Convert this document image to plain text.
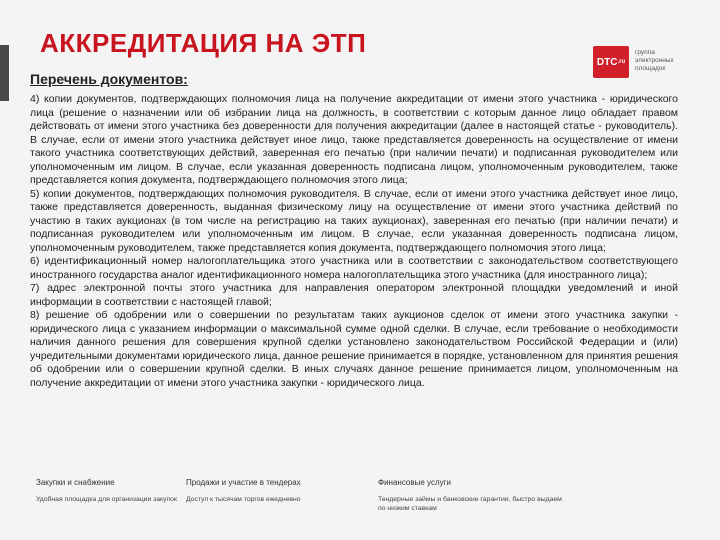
АККРЕДИТАЦИЯ НА ЭТП
DTC .ru
группа
электронных
площадок
Перечень документов:

4) копии документов, подтверждающих полномочия лица на получение аккредитации от имени этого участника - юридического лица (решение о назначении или об избрании лица на должность, в соответствии с которым данное лицо обладает правом действовать от имени этого участника без доверенности для получения аккредитации (далее в настоящей статье - руководитель). В случае, если от имени этого участника действует иное лицо, также представляется доверенность на осуществление от имени такого участника соответствующих действий, заверенная его печатью (при наличии печати) и подписанная руководителем или уполномоченным им лицом. В случае, если указанная доверенность подписана лицом, уполномоченным руководителем, также представляется копия документа, подтверждающего полномочия этого лица;

5) копии документов, подтверждающих полномочия руководителя. В случае, если от имени этого участника действует иное лицо, также представляется доверенность, выданная физическому лицу на осуществление от имени этого участника действий по участию в таких аукционах (в том числе на регистрацию на таких аукционах), заверенная его печатью (при наличии печати) и подписанная руководителем или уполномоченным им лицом. В случае, если указанная доверенность подписана лицом, уполномоченным руководителем, также представляется копия документа, подтверждающего полномочия этого лица;

6) идентификационный номер налогоплательщика этого участника или в соответствии с законодательством соответствующего иностранного государства аналог идентификационного номера налогоплательщика этого участника (для иностранного лица);

7) адрес электронной почты этого участника для направления оператором электронной площадки уведомлений и иной информации в соответствии с настоящей главой;

8) решение об одобрении или о совершении по результатам таких аукционов сделок от имени этого участника закупки - юридического лица с указанием информации о максимальной сумме одной сделки. В случае, если требование о необходимости наличия данного решения для совершения крупной сделки установлено законодательством Российской Федерации и (или) учредительными документами юридического лица, данное решение принимается в порядке, установленном для принятия решения об одобрении или о совершении крупной сделки. В иных случаях данное решение принимается лицом, уполномоченным на получение аккредитации от имени этого участника закупки - юридического лица.

Закупки и снабжение
Удобная площадка для организации закупок
Продажи и участие в тендерах
Доступ к тысячам торгов ежедневно
Финансовые услуги
Тендерные займы и банковские гарантии, быстро выдаем по низким ставкам
